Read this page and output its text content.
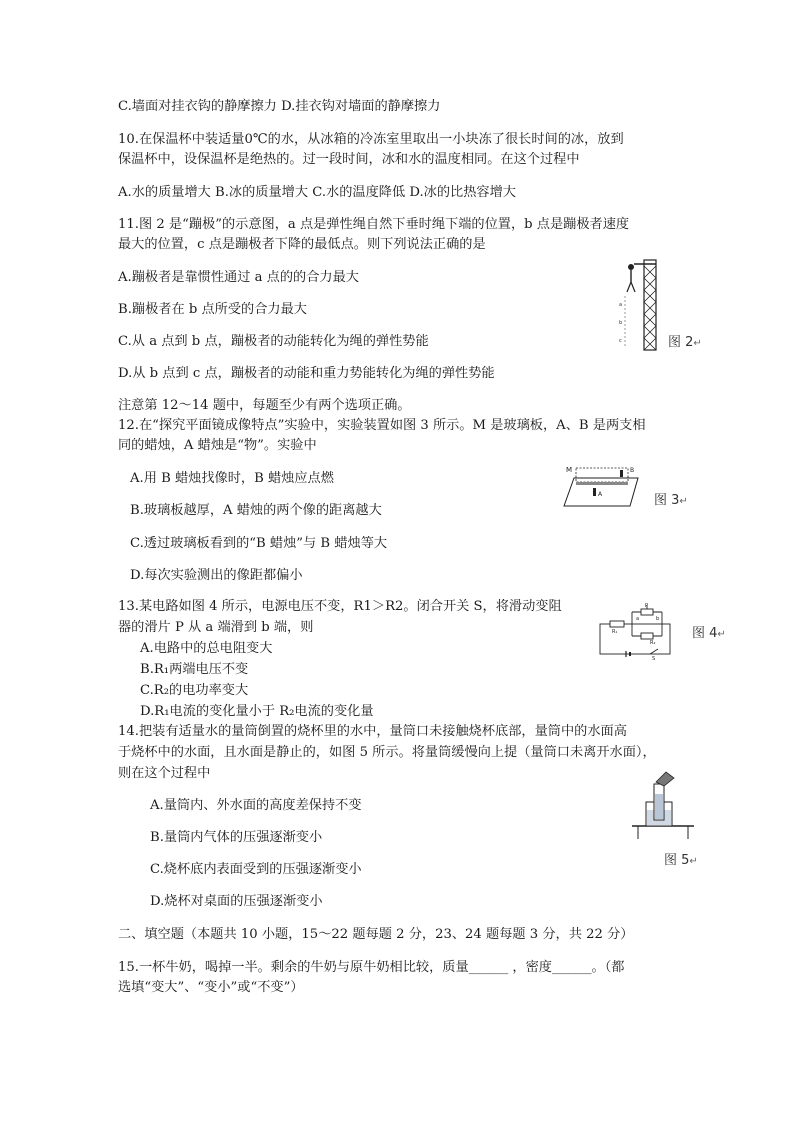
C.墙面对挂衣钩的静摩擦力 D.挂衣钩对墙面的静摩擦力
10.在保温杯中装适量0℃的水，从冰箱的冷冻室里取出一小块冻了很长时间的冰，放到
保温杯中，设保温杯是绝热的。过一段时间，冰和水的温度相同。在这个过程中
A.水的质量增大 B.冰的质量增大 C.水的温度降低 D.冰的比热容增大
11.图 2 是“蹦极”的示意图，a 点是弹性绳自然下垂时绳下端的位置，b 点是蹦极者速度
最大的位置，c 点是蹦极者下降的最低点。则下列说法正确的是
A.蹦极者是靠惯性通过 a 点的的合力最大
B.蹦极者在 b 点所受的合力最大
C.从 a 点到 b 点，蹦极者的动能转化为绳的弹性势能
D.从 b 点到 c 点，蹦极者的动能和重力势能转化为绳的弹性势能
注意第 12～14 题中，每题至少有两个选项正确。
12.在“探究平面镜成像特点”实验中，实验装置如图 3 所示。M 是玻璃板，A、B 是两支相
同的蜡烛，A 蜡烛是“物”。实验中
A.用 B 蜡烛找像时，B 蜡烛应点燃
B.玻璃板越厚，A 蜡烛的两个像的距离越大
C.透过玻璃板看到的“B 蜡烛”与 B 蜡烛等大
D.每次实验测出的像距都偏小
13.某电路如图 4 所示，电源电压不变，R1＞R2。闭合开关 S，将滑动变阻
器的滑片 P 从 a 端滑到 b 端，则
A.电路中的总电阻变大
B.R₁两端电压不变
C.R₂的电功率变大
D.R₁电流的变化量小于 R₂电流的变化量
14.把装有适量水的量筒倒置的烧杯里的水中，量筒口未接触烧杯底部，量筒中的水面高
于烧杯中的水面，且水面是静止的，如图 5 所示。将量筒缓慢向上提（量筒口未离开水面），
则在这个过程中
A.量筒内、外水面的高度差保持不变
B.量筒内气体的压强逐渐变小
C.烧杯底内表面受到的压强逐渐变小
D.烧杯对桌面的压强逐渐变小
二、填空题（本题共 10 小题，15～22 题每题 2 分，23、24 题每题 3 分，共 22 分）
15.一杯牛奶，喝掉一半。剩余的牛奶与原牛奶相比较，质量______ ，密度______。（都
选填“变大”、“变小”或“不变”）
a
b
c	图 2↵
M
A
B
图 3↵
P
a	b
R₁
R₂
S
图 4↵
图 5↵
